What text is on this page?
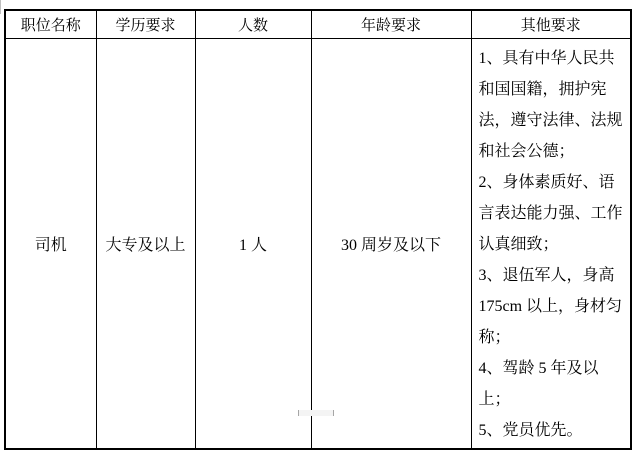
职位名称	学历要求	人数	年龄要求	其他要求
司机	大专及以上	1 人	30 周岁及以下	1、具有中华人民共和国国籍，拥护宪法，遵守法律、法规和社会公德；

2、身体素质好、语言表达能力强、工作认真细致；

3、退伍军人，身高175cm 以上，身材匀称；

4、驾龄 5 年及以上；

5、党员优先。
